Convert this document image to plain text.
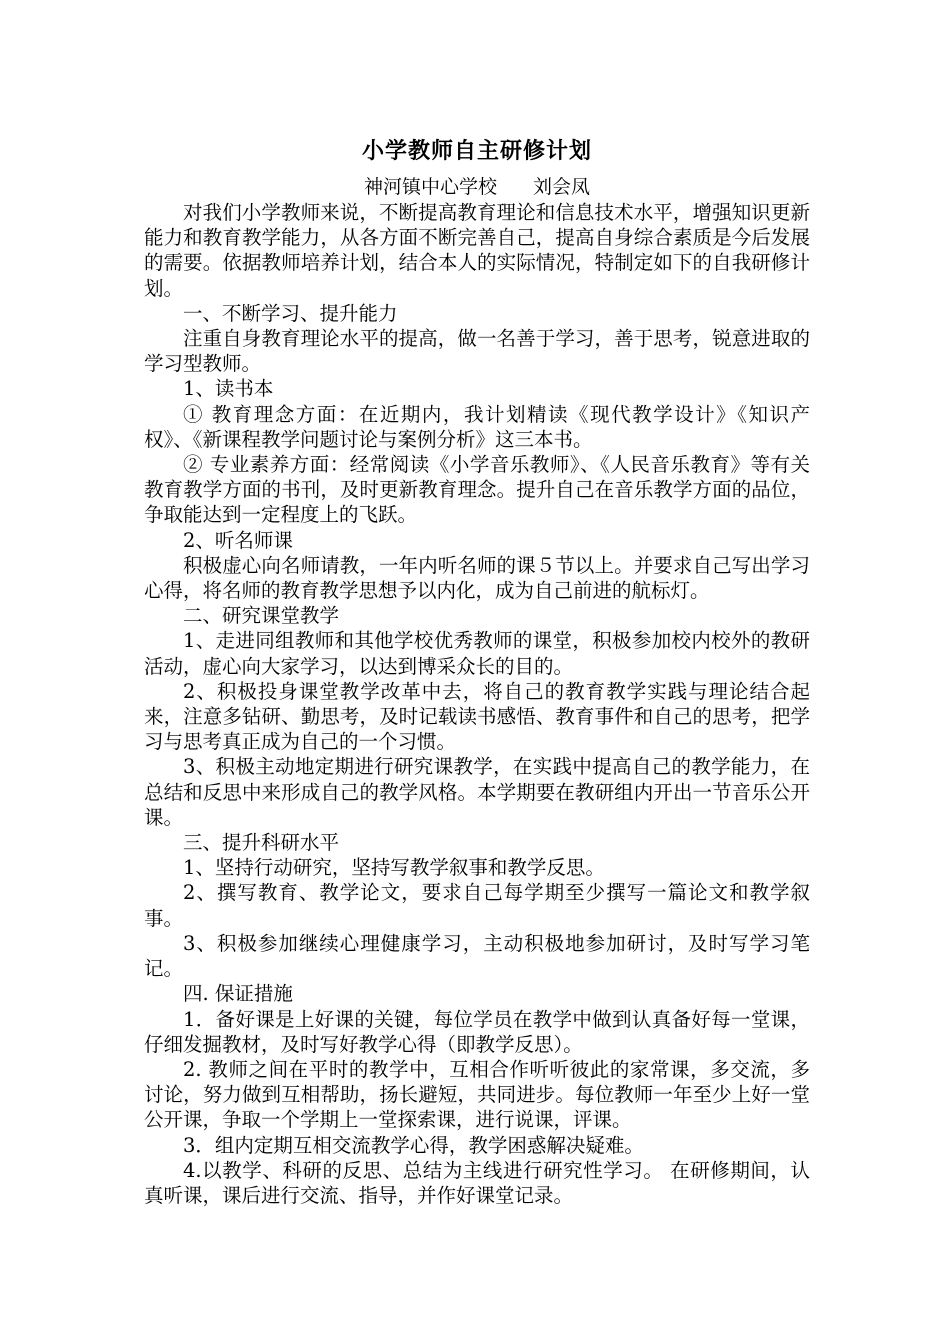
小学教师自主研修计划

神河镇中心学校 刘会凤

对我们小学教师来说，不断提高教育理论和信息技术水平，增强知识更新能力和教育教学能力，从各方面不断完善自己，提高自身综合素质是今后发展的需要。依据教师培养计划，结合本人的实际情况，特制定如下的自我研修计划。

一、不断学习、提升能力

注重自身教育理论水平的提高，做一名善于学习，善于思考，锐意进取的学习型教师。

1、读书本

① 教育理念方面：在近期内，我计划精读《现代教学设计》《知识产权》、《新课程教学问题讨论与案例分析》这三本书。

② 专业素养方面：经常阅读《小学音乐教师》、《人民音乐教育》等有关教育教学方面的书刊，及时更新教育理念。提升自己在音乐教学方面的品位，争取能达到一定程度上的飞跃。

2、听名师课

积极虚心向名师请教，一年内听名师的课５节以上。并要求自己写出学习心得，将名师的教育教学思想予以内化，成为自己前进的航标灯。

二、研究课堂教学

1、走进同组教师和其他学校优秀教师的课堂，积极参加校内校外的教研活动，虚心向大家学习，以达到博采众长的目的。

2、积极投身课堂教学改革中去，将自己的教育教学实践与理论结合起来，注意多钻研、勤思考，及时记载读书感悟、教育事件和自己的思考，把学习与思考真正成为自己的一个习惯。

3、积极主动地定期进行研究课教学，在实践中提高自己的教学能力，在总结和反思中来形成自己的教学风格。本学期要在教研组内开出一节音乐公开课。

三、提升科研水平

1、坚持行动研究，坚持写教学叙事和教学反思。

2、撰写教育、教学论文，要求自己每学期至少撰写一篇论文和教学叙事。

3、积极参加继续心理健康学习，主动积极地参加研讨，及时写学习笔记。

四. 保证措施

1．备好课是上好课的关键，每位学员在教学中做到认真备好每一堂课，仔细发掘教材，及时写好教学心得（即教学反思）。

2. 教师之间在平时的教学中，互相合作听听彼此的家常课，多交流，多讨论，努力做到互相帮助，扬长避短，共同进步。每位教师一年至少上好一堂公开课，争取一个学期上一堂探索课，进行说课，评课。

3．组内定期互相交流教学心得，教学困惑解决疑难。

4.以教学、科研的反思、总结为主线进行研究性学习。 在研修期间，认真听课，课后进行交流、指导，并作好课堂记录。
